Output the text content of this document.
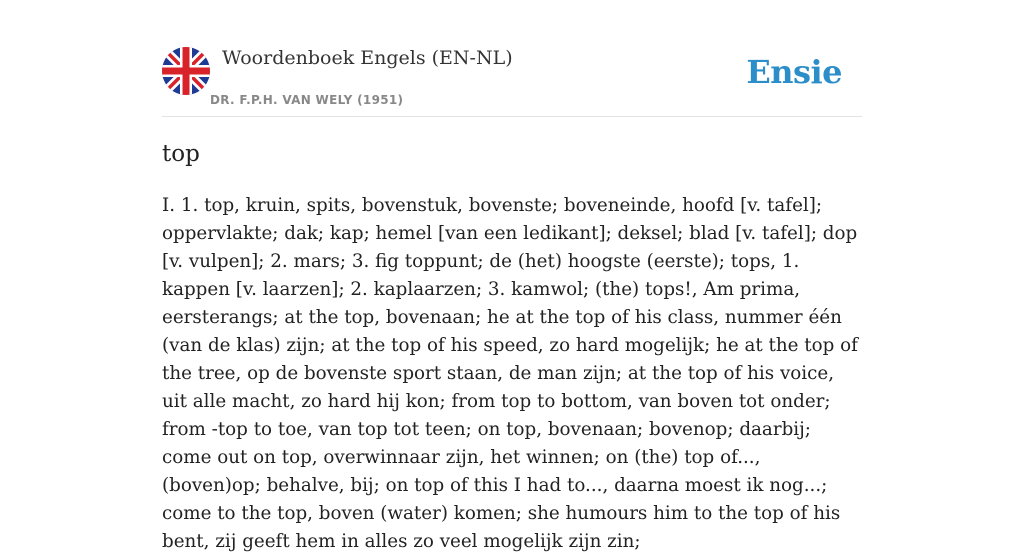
Woordenboek Engels (EN-NL)
DR. F.P.H. VAN WELY (1951)
Ensie
top

I. 1. top, kruin, spits, bovenstuk, bovenste; boveneinde, hoofd [v. tafel]; oppervlakte; dak; kap; hemel [van een ledikant]; deksel; blad [v. tafel]; dop [v. vulpen]; 2. mars; 3. fig toppunt; de (het) hoogste (eerste); tops, 1. kappen [v. laarzen]; 2. kaplaarzen; 3. kamwol; (the) tops!, Am prima, eersterangs; at the top, bovenaan; he at the top of his class, nummer één (van de klas) zijn; at the top of his speed, zo hard mogelijk; he at the top of the tree, op de bovenste sport staan, de man zijn; at the top of his voice, uit alle macht, zo hard hij kon; from top to bottom, van boven tot onder; from -top to toe, van top tot teen; on top, bovenaan; bovenop; daarbij; come out on top, overwinnaar zijn, het winnen; on (the) top of..., (boven)op; behalve, bij; on top of this I had to..., daarna moest ik nog...; come to the top, boven (water) komen; she humours him to the top of his bent, zij geeft hem in alles zo veel mogelijk zijn zin;
